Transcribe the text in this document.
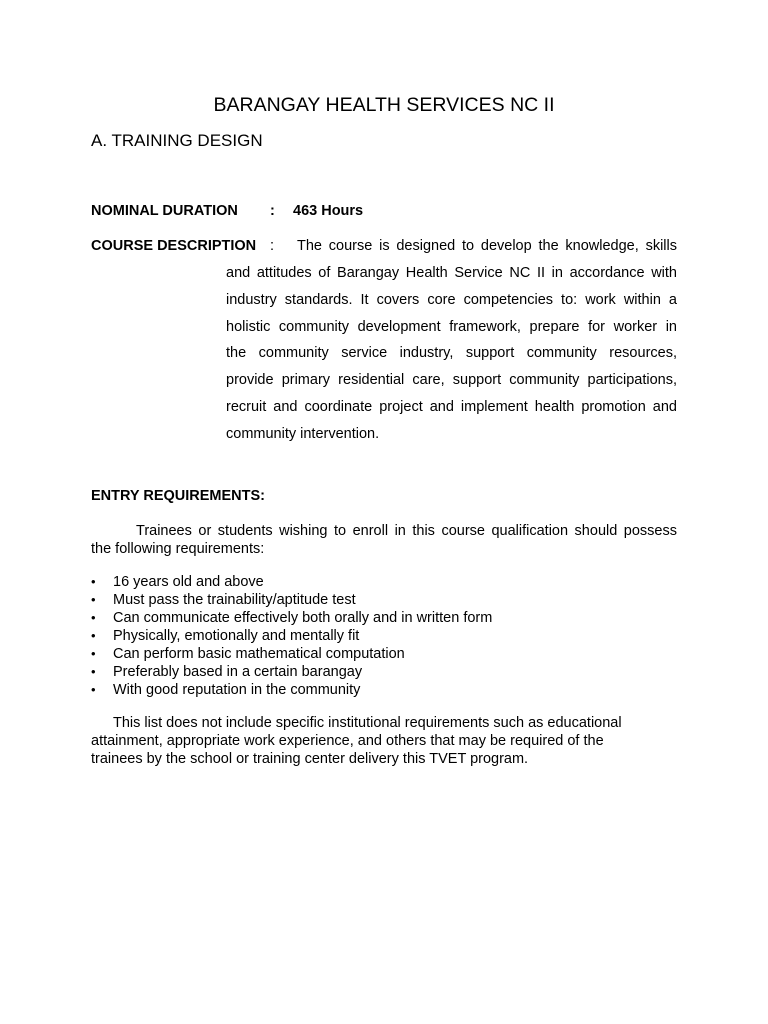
BARANGAY HEALTH SERVICES NC II
A. TRAINING DESIGN
NOMINAL DURATION : 463 Hours
COURSE DESCRIPTION : The course is designed to develop the knowledge, skills
and attitudes of Barangay Health Service NC II in accordance with
industry standards. It covers core competencies to: work within a
holistic community development framework, prepare for worker in
the community service industry, support community resources,
provide primary residential care, support community participations,
recruit and coordinate project and implement health promotion and
community intervention.
ENTRY REQUIREMENTS:
Trainees or students wishing to enroll in this course qualification should possess
the following requirements:
• 16 years old and above
• Must pass the trainability/aptitude test
• Can communicate effectively both orally and in written form
• Physically, emotionally and mentally fit
• Can perform basic mathematical computation
• Preferably based in a certain barangay
• With good reputation in the community
This list does not include specific institutional requirements such as educational
attainment, appropriate work experience, and others that may be required of the
trainees by the school or training center delivery this TVET program.
